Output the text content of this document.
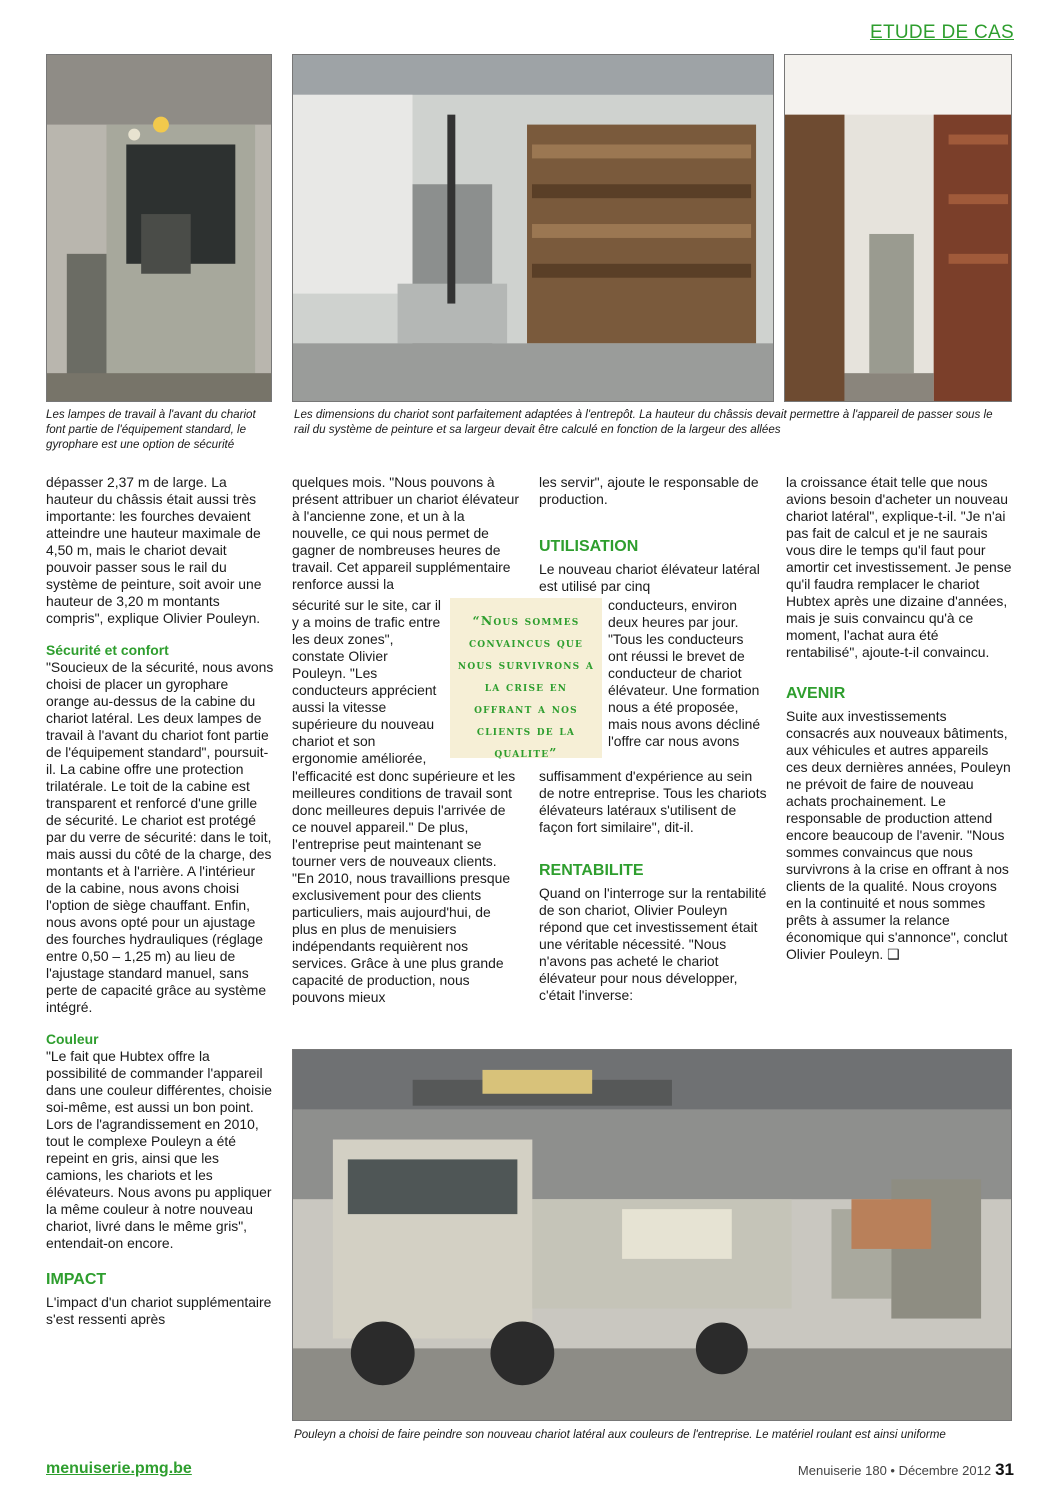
ETUDE DE CAS
Les lampes de travail à l'avant du chariot font partie de l'équipement standard, le gyrophare est une option de sécurité
Les dimensions du chariot sont parfaitement adaptées à l'entrepôt. La hauteur du châssis devait permettre à l'appareil de passer sous le rail du système de peinture et sa largeur devait être calculé en fonction de la largeur des allées

dépasser 2,37 m de large. La hauteur du châssis était aussi très importante: les fourches devaient atteindre une hauteur maximale de 4,50 m, mais le chariot devait pouvoir passer sous le rail du système de peinture, soit avoir une hauteur de 3,20 m montants compris", explique Olivier Pouleyn.

Sécurité et confort

"Soucieux de la sécurité, nous avons choisi de placer un gyrophare orange au-dessus de la cabine du chariot latéral. Les deux lampes de travail à l'avant du chariot font partie de l'équipement standard", poursuit-il. La cabine offre une protection trilatérale. Le toit de la cabine est transparent et renforcé d'une grille de sécurité. Le chariot est protégé par du verre de sécurité: dans le toit, mais aussi du côté de la charge, des montants et à l'arrière. A l'intérieur de la cabine, nous avons choisi l'option de siège chauffant. Enfin, nous avons opté pour un ajustage des fourches hydrauliques (réglage entre 0,50 – 1,25 m) au lieu de l'ajustage standard manuel, sans perte de capacité grâce au système intégré.

Couleur

"Le fait que Hubtex offre la possibilité de commander l'appareil dans une couleur différentes, choisie soi-même, est aussi un bon point. Lors de l'agrandissement en 2010, tout le complexe Pouleyn a été repeint en gris, ainsi que les camions, les chariots et les élévateurs. Nous avons pu appliquer la même couleur à notre nouveau chariot, livré dans le même gris", entendait-on encore.

IMPACT

L'impact d'un chariot supplémentaire s'est ressenti après

quelques mois. "Nous pouvons à présent attribuer un chariot élévateur à l'ancienne zone, et un à la nouvelle, ce qui nous permet de gagner de nombreuses heures de travail. Cet appareil supplémentaire renforce aussi la

sécurité sur le site, car il y a moins de trafic entre les deux zones", constate Olivier Pouleyn. "Les conducteurs apprécient aussi la vitesse supérieure du nouveau chariot et son ergonomie améliorée,

l'efficacité est donc supérieure et les meilleures conditions de travail sont donc meilleures depuis l'arrivée de ce nouvel appareil." De plus, l'entreprise peut maintenant se tourner vers de nouveaux clients. "En 2010, nous travaillions presque exclusivement pour des clients particuliers, mais aujourd'hui, de plus en plus de menuisiers indépendants requièrent nos services. Grâce à une plus grande capacité de production, nous pouvons mieux

“Nous sommes convaincus que nous survivrons a la crise en offrant a nos clients de la qualite”

les servir", ajoute le responsable de production.

UTILISATION

Le nouveau chariot élévateur latéral est utilisé par cinq

conducteurs, environ deux heures par jour. "Tous les conducteurs ont réussi le brevet de conducteur de chariot élévateur. Une formation nous a été proposée, mais nous avons décliné l'offre car nous avons

suffisamment d'expérience au sein de notre entreprise. Tous les chariots élévateurs latéraux s'utilisent de façon fort similaire", dit-il.

RENTABILITE

Quand on l'interroge sur la rentabilité de son chariot, Olivier Pouleyn répond que cet investissement était une véritable nécessité. "Nous n'avons pas acheté le chariot élévateur pour nous développer, c'était l'inverse:

la croissance était telle que nous avions besoin d'acheter un nouveau chariot latéral", explique-t-il. "Je n'ai pas fait de calcul et je ne saurais vous dire le temps qu'il faut pour amortir cet investissement. Je pense qu'il faudra remplacer le chariot Hubtex après une dizaine d'années, mais je suis convaincu qu'à ce moment, l'achat aura été rentabilisé", ajoute-t-il convaincu.

AVENIR

Suite aux investissements consacrés aux nouveaux bâtiments, aux véhicules et autres appareils ces deux dernières années, Pouleyn ne prévoit de faire de nouveau achats prochainement. Le responsable de production attend encore beaucoup de l'avenir. "Nous sommes convaincus que nous survivrons à la crise en offrant à nos clients de la qualité. Nous croyons en la continuité et nous sommes prêts à assumer la relance économique qui s'annonce", conclut Olivier Pouleyn. ❑

Pouleyn a choisi de faire peindre son nouveau chariot latéral aux couleurs de l'entreprise. Le matériel roulant est ainsi uniforme
menuiserie.pmg.be	Menuiserie 180 • Décembre 2012 31
